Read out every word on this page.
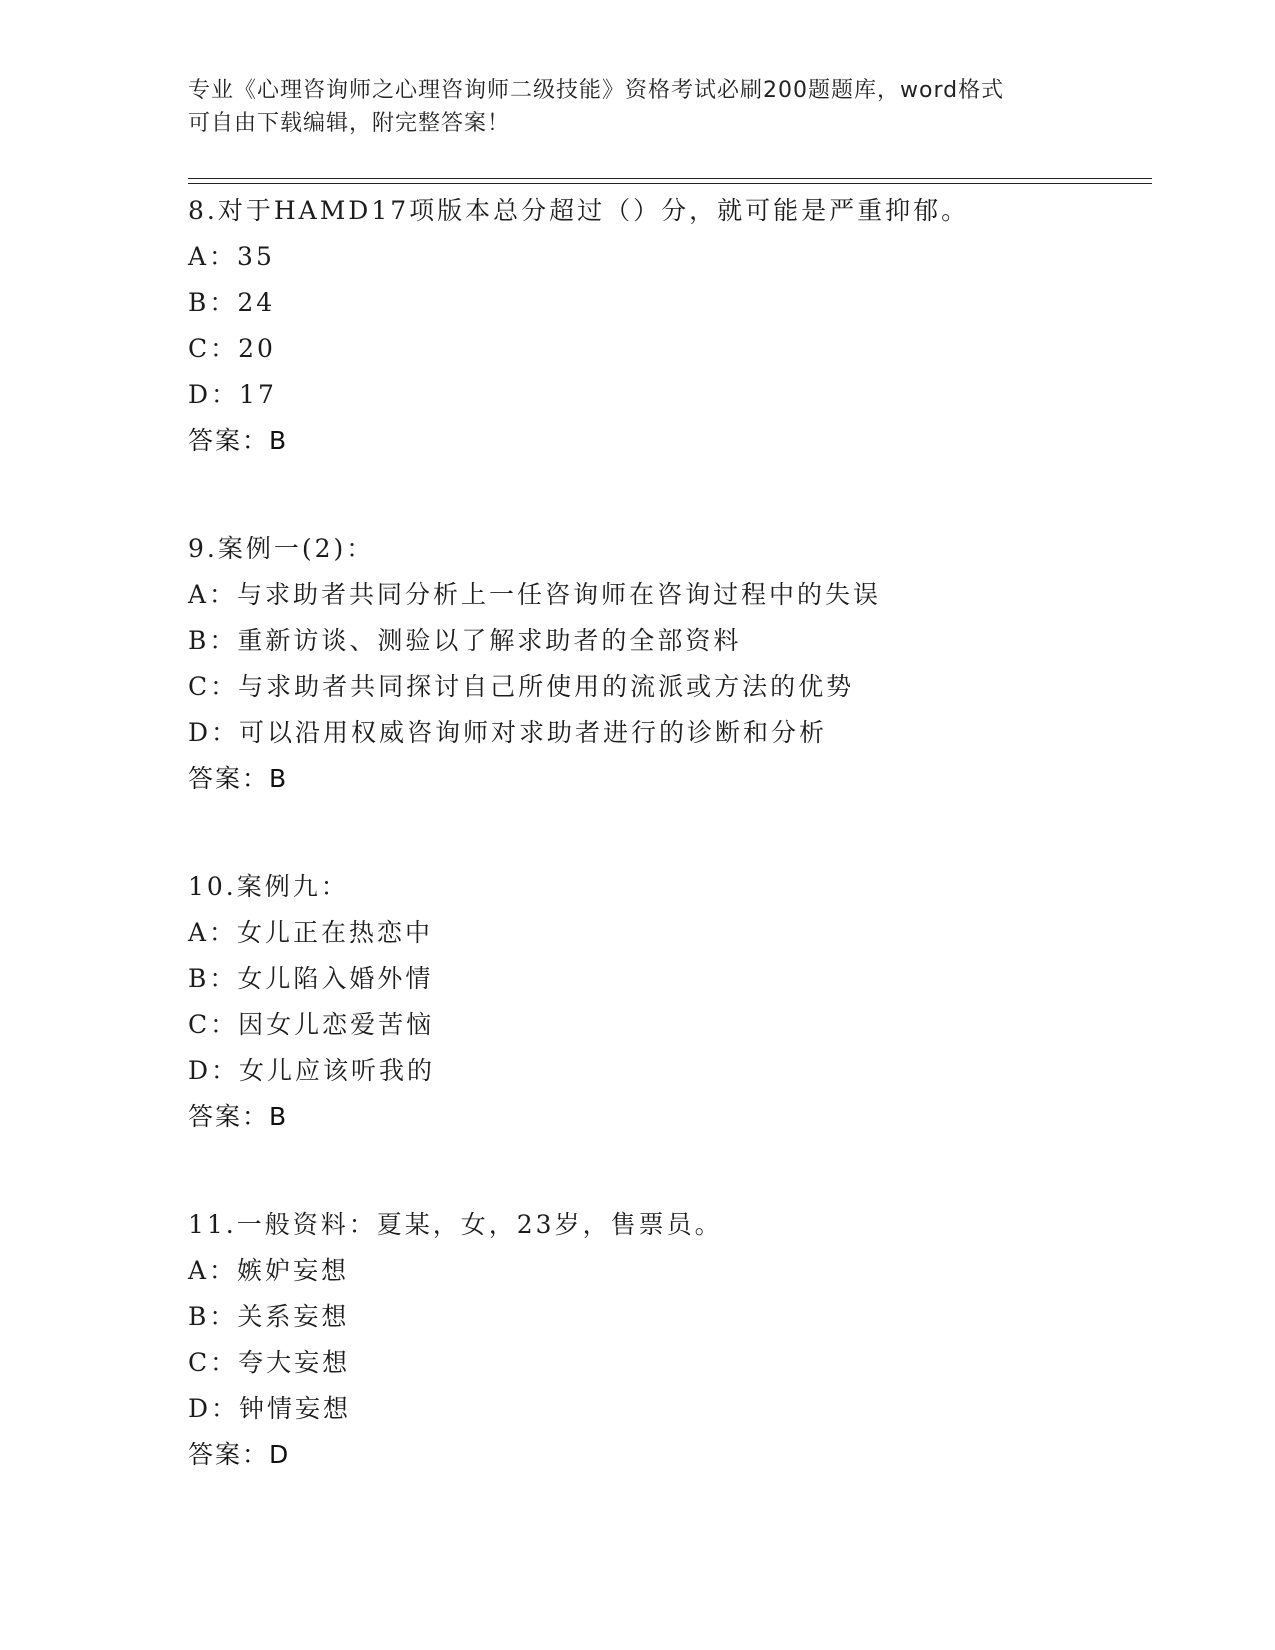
专业《心理咨询师之心理咨询师二级技能》资格考试必刷200题题库，word格式
可自由下载编辑，附完整答案！
8.对于HAMD17项版本总分超过（）分，就可能是严重抑郁。
A：35
B：24
C：20
D：17
答案：B
9.案例一(2)：
A：与求助者共同分析上一任咨询师在咨询过程中的失误
B：重新访谈、测验以了解求助者的全部资料
C：与求助者共同探讨自己所使用的流派或方法的优势
D：可以沿用权威咨询师对求助者进行的诊断和分析
答案：B
10.案例九：
A：女儿正在热恋中
B：女儿陷入婚外情
C：因女儿恋爱苦恼
D：女儿应该听我的
答案：B
11.一般资料：夏某，女，23岁，售票员。
A：嫉妒妄想
B：关系妄想
C：夸大妄想
D：钟情妄想
答案：D
